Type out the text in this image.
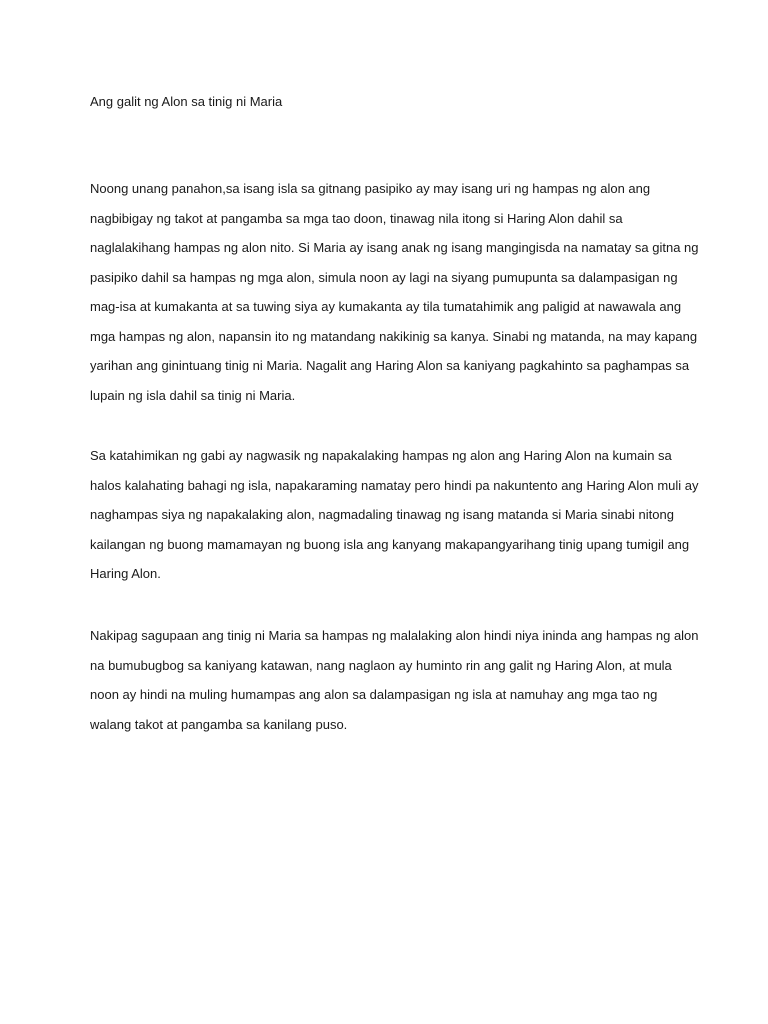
Ang galit ng Alon sa tinig ni Maria

Noong unang panahon,sa isang isla sa gitnang pasipiko ay may isang uri ng hampas ng alon ang
nagbibigay ng takot at pangamba sa mga tao doon, tinawag nila itong si Haring Alon dahil sa
naglalakihang hampas ng alon nito. Si Maria ay isang anak ng isang mangingisda na namatay sa gitna ng
pasipiko dahil sa hampas ng mga alon, simula noon ay lagi na siyang pumupunta sa dalampasigan ng
mag-isa at kumakanta at sa tuwing siya ay kumakanta ay tila tumatahimik ang paligid at nawawala ang
mga hampas ng alon, napansin ito ng matandang nakikinig sa kanya. Sinabi ng matanda, na may kapang
yarihan ang ginintuang tinig ni Maria. Nagalit ang Haring Alon sa kaniyang pagkahinto sa paghampas sa
lupain ng isla dahil sa tinig ni Maria.

Sa katahimikan ng gabi ay nagwasik ng napakalaking hampas ng alon ang Haring Alon na kumain sa
halos kalahating bahagi ng isla, napakaraming namatay pero hindi pa nakuntento ang Haring Alon muli ay
naghampas siya ng napakalaking alon, nagmadaling tinawag ng isang matanda si Maria sinabi nitong
kailangan ng buong mamamayan ng buong isla ang kanyang makapangyarihang tinig upang tumigil ang
Haring Alon.

Nakipag sagupaan ang tinig ni Maria sa hampas ng malalaking alon hindi niya ininda ang hampas ng alon
na bumubugbog sa kaniyang katawan, nang naglaon ay huminto rin ang galit ng Haring Alon, at mula
noon ay hindi na muling humampas ang alon sa dalampasigan ng isla at namuhay ang mga tao ng
walang takot at pangamba sa kanilang puso.
